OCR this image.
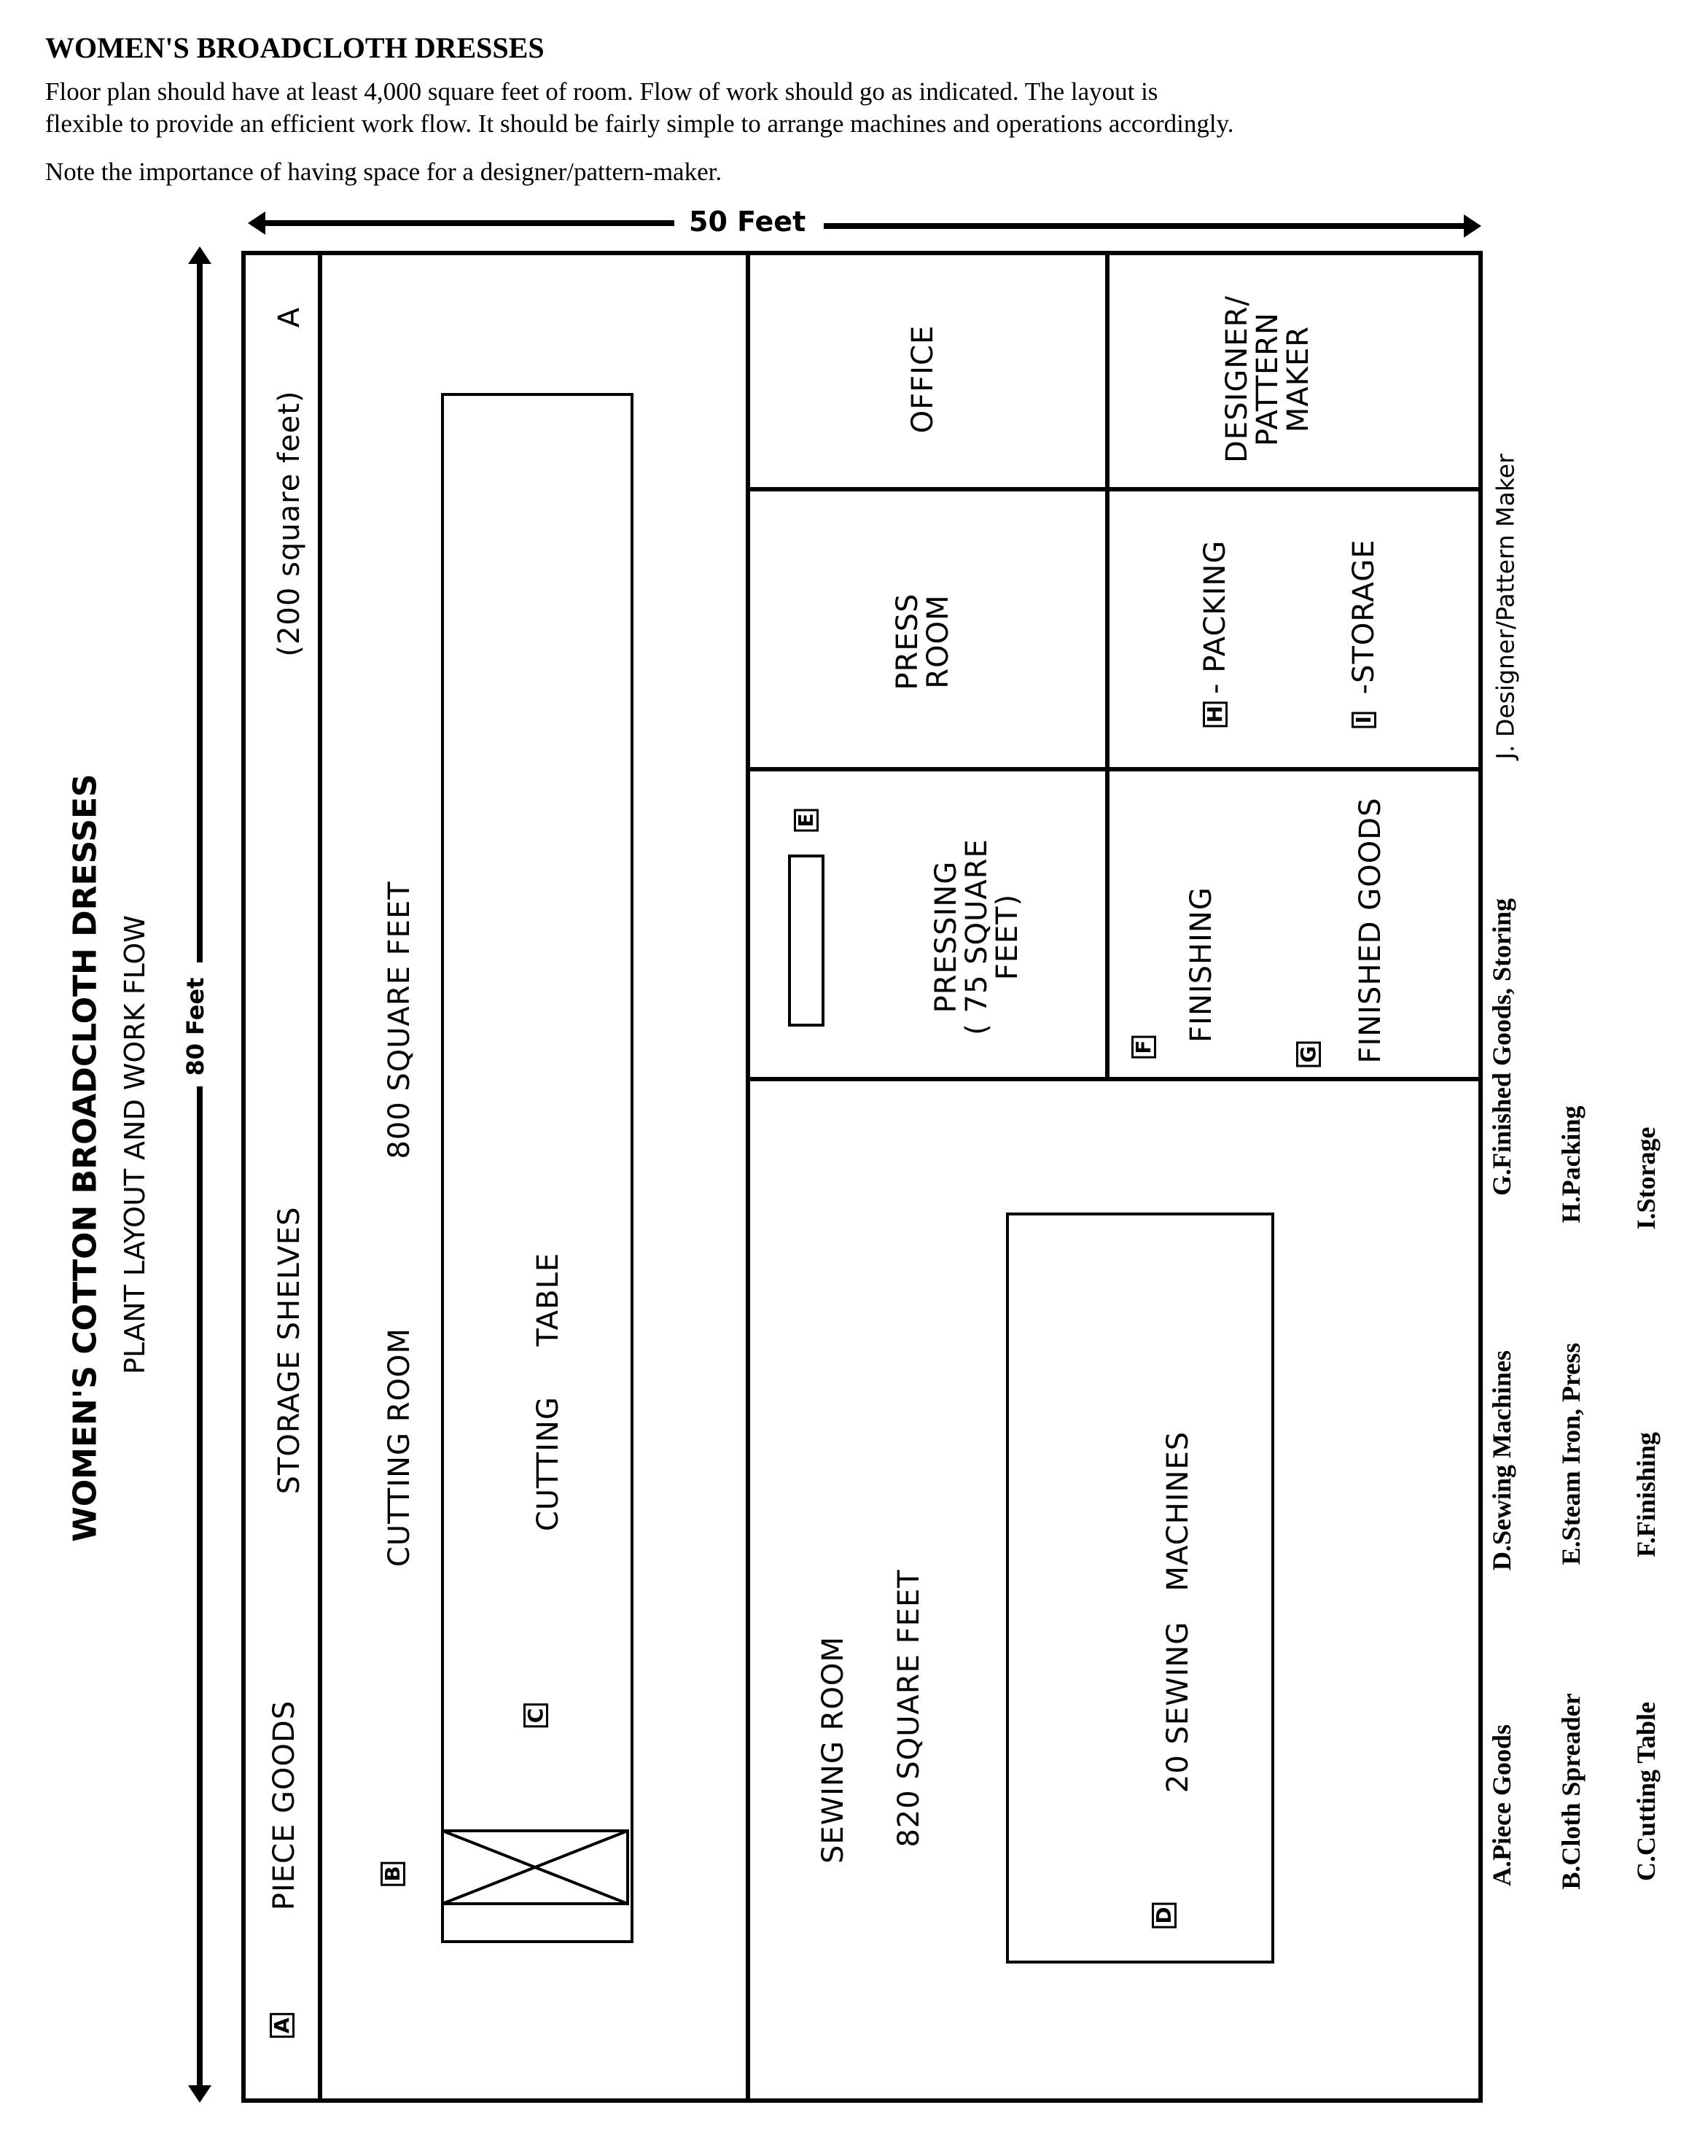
WOMEN'S BROADCLOTH DRESSES
Floor plan should have at least 4,000 square feet of room. Flow of work should go as indicated. The layout is
flexible to provide an efficient work flow. It should be fairly simple to arrange machines and operations accordingly.
Note the importance of having space for a designer/pattern-maker.
50 Feet
80 Feet
WOMEN'S COTTON BROADCLOTH DRESSES PLANT LAYOUT AND WORK FLOW
PIECE GOODS
STORAGE SHELVES
(200 square feet)
A
A
CUTTING ROOM
800 SQUARE FEET
CUTTING     TABLE
C
B
OFFICE	DESIGNER/
PATTERN
MAKER
PRESS
ROOM
H
- PACKING
I
-STORAGE
E
PRESSING
( 75 SQUARE
FEET)	FINISHING
F	FINISHED GOODS
G
SEWING ROOM 820 SQUARE FEET	20 SEWING   MACHINES
D
A.Piece Goods
D.Sewing Machines
G.Finished Goods, Storing
J. Designer/Pattern Maker
B.Cloth Spreader
E.Steam Iron, Press
H.Packing
C.Cutting Table
F.Finishing
I.Storage
